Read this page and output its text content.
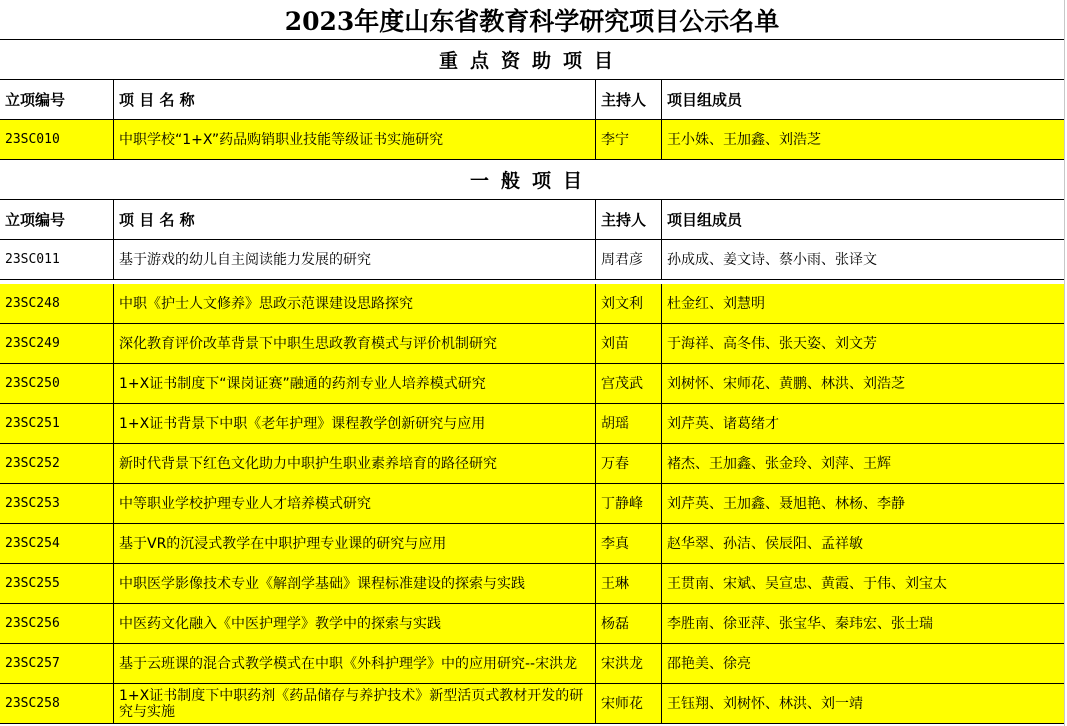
2023年度山东省教育科学研究项目公示名单
重点资助项目
立项编号	项 目 名 称	主持人	项目组成员
23SC010	中职学校“1+X”药品购销职业技能等级证书实施研究	李宁	王小姝、王加鑫、刘浩芝
一般项目
立项编号	项 目 名 称	主持人	项目组成员
23SC011	基于游戏的幼儿自主阅读能力发展的研究	周君彦	孙成成、姜文诗、蔡小雨、张译文
23SC248	中职《护士人文修养》思政示范课建设思路探究	刘文利	杜金红、刘慧明
23SC249	深化教育评价改革背景下中职生思政教育模式与评价机制研究	刘苗	于海祥、高冬伟、张天姿、刘文芳
23SC250	1+X证书制度下“课岗证赛”融通的药剂专业人培养模式研究	宫茂武	刘树怀、宋师花、黄鹏、林洪、刘浩芝
23SC251	1+X证书背景下中职《老年护理》课程教学创新研究与应用	胡瑶	刘芹英、诸葛绪才
23SC252	新时代背景下红色文化助力中职护生职业素养培育的路径研究	万春	褚杰、王加鑫、张金玲、刘萍、王辉
23SC253	中等职业学校护理专业人才培养模式研究	丁静峰	刘芹英、王加鑫、聂旭艳、林杨、李静
23SC254	基于VR的沉浸式教学在中职护理专业课的研究与应用	李真	赵华翠、孙洁、侯辰阳、孟祥敏
23SC255	中职医学影像技术专业《解剖学基础》课程标准建设的探索与实践	王琳	王贯南、宋斌、吴宣忠、黄霞、于伟、刘宝太
23SC256	中医药文化融入《中医护理学》教学中的探索与实践	杨磊	李胜南、徐亚萍、张宝华、秦玮宏、张士瑞
23SC257	基于云班课的混合式教学模式在中职《外科护理学》中的应用研究--宋洪龙	宋洪龙	邵艳美、徐亮
23SC258	1+X证书制度下中职药剂《药品储存与养护技术》新型活页式教材开发的研究与实施	宋师花	王钰翔、刘树怀、林洪、刘一靖
